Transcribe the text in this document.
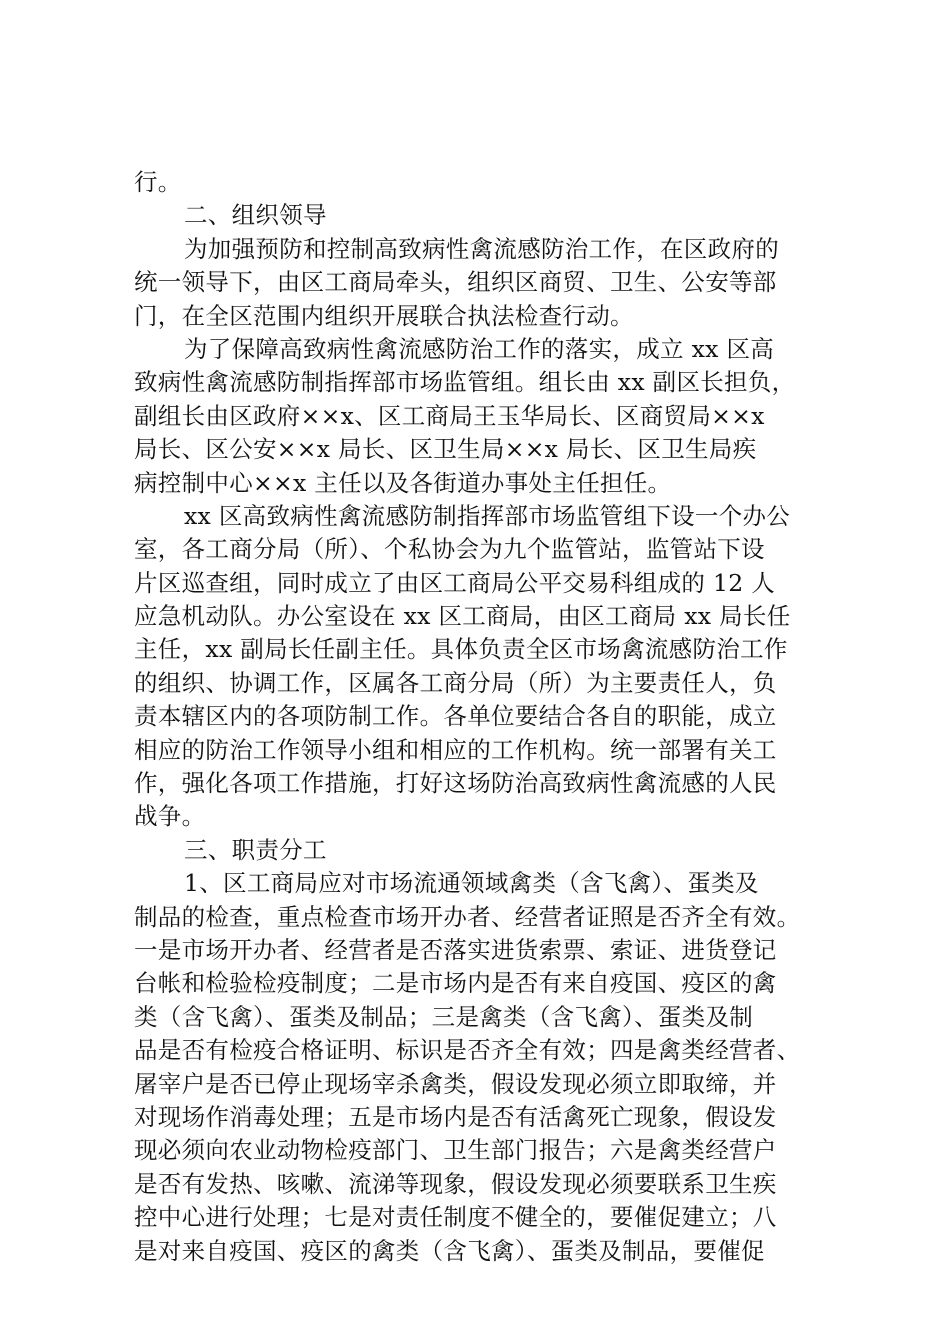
行。
二、组织领导
为加强预防和控制高致病性禽流感防治工作，在区政府的
统一领导下，由区工商局牵头，组织区商贸、卫生、公安等部
门，在全区范围内组织开展联合执法检查行动。
为了保障高致病性禽流感防治工作的落实，成立 xx 区高
致病性禽流感防制指挥部市场监管组。组长由 xx 副区长担负，
副组长由区政府××x、区工商局王玉华局长、区商贸局××x
局长、区公安××x 局长、区卫生局××x 局长、区卫生局疾
病控制中心××x 主任以及各街道办事处主任担任。
xx 区高致病性禽流感防制指挥部市场监管组下设一个办公
室，各工商分局（所）、个私协会为九个监管站，监管站下设
片区巡查组，同时成立了由区工商局公平交易科组成的 12 人
应急机动队。办公室设在 xx 区工商局，由区工商局 xx 局长任
主任，xx 副局长任副主任。具体负责全区市场禽流感防治工作
的组织、协调工作，区属各工商分局（所）为主要责任人，负
责本辖区内的各项防制工作。各单位要结合各自的职能，成立
相应的防治工作领导小组和相应的工作机构。统一部署有关工
作，强化各项工作措施，打好这场防治高致病性禽流感的人民
战争。
三、职责分工
1、区工商局应对市场流通领域禽类（含飞禽）、蛋类及
制品的检查，重点检查市场开办者、经营者证照是否齐全有效。
一是市场开办者、经营者是否落实进货索票、索证、进货登记
台帐和检验检疫制度；二是市场内是否有来自疫国、疫区的禽
类（含飞禽）、蛋类及制品；三是禽类（含飞禽）、蛋类及制
品是否有检疫合格证明、标识是否齐全有效；四是禽类经营者、
屠宰户是否已停止现场宰杀禽类，假设发现必须立即取缔，并
对现场作消毒处理；五是市场内是否有活禽死亡现象，假设发
现必须向农业动物检疫部门、卫生部门报告；六是禽类经营户
是否有发热、咳嗽、流涕等现象，假设发现必须要联系卫生疾
控中心进行处理；七是对责任制度不健全的，要催促建立；八
是对来自疫国、疫区的禽类（含飞禽）、蛋类及制品，要催促
